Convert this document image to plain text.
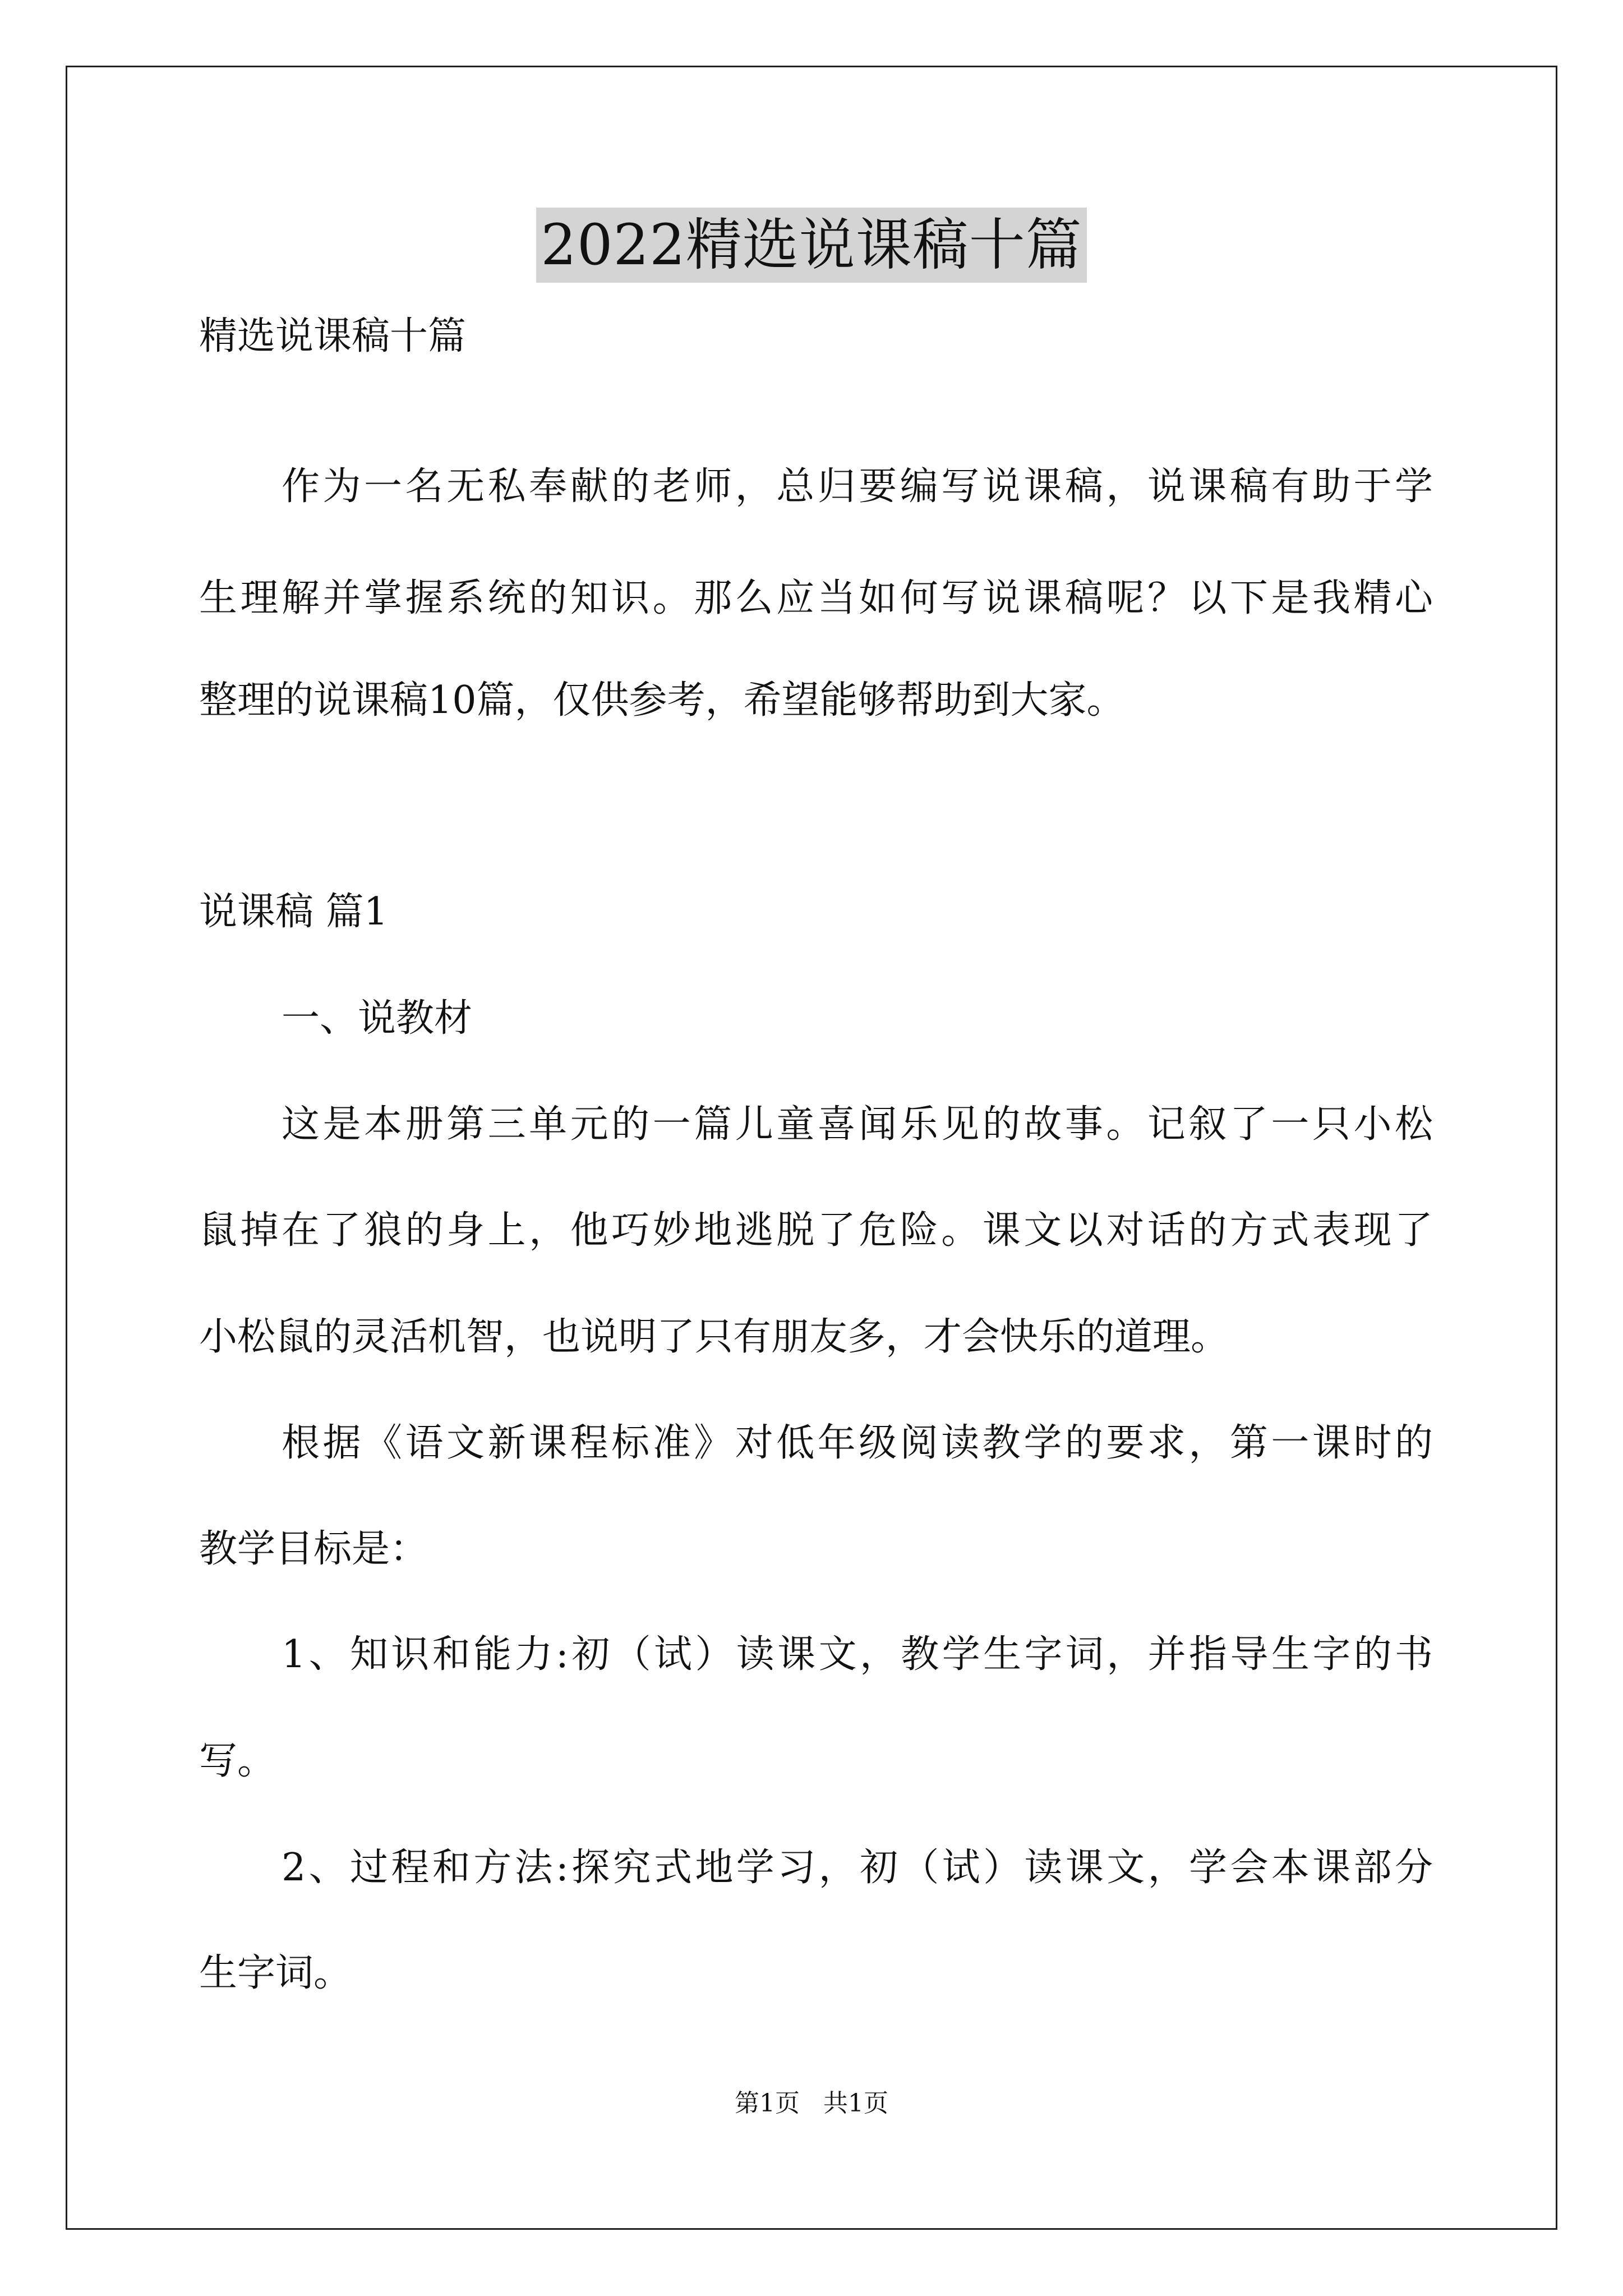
2022精选说课稿十篇
精选说课稿十篇
作为一名无私奉献的老师，总归要编写说课稿，说课稿有助于学
生理解并掌握系统的知识。那么应当如何写说课稿呢？以下是我精心
整理的说课稿10篇，仅供参考，希望能够帮助到大家。
说课稿 篇1
一、说教材
这是本册第三单元的一篇儿童喜闻乐见的故事。记叙了一只小松
鼠掉在了狼的身上，他巧妙地逃脱了危险。课文以对话的方式表现了
小松鼠的灵活机智，也说明了只有朋友多，才会快乐的道理。
根据《语文新课程标准》对低年级阅读教学的要求，第一课时的
教学目标是：
1、知识和能力:初（试）读课文，教学生字词，并指导生字的书
写。
2、过程和方法:探究式地学习，初（试）读课文，学会本课部分
生字词。
第1页 共1页
